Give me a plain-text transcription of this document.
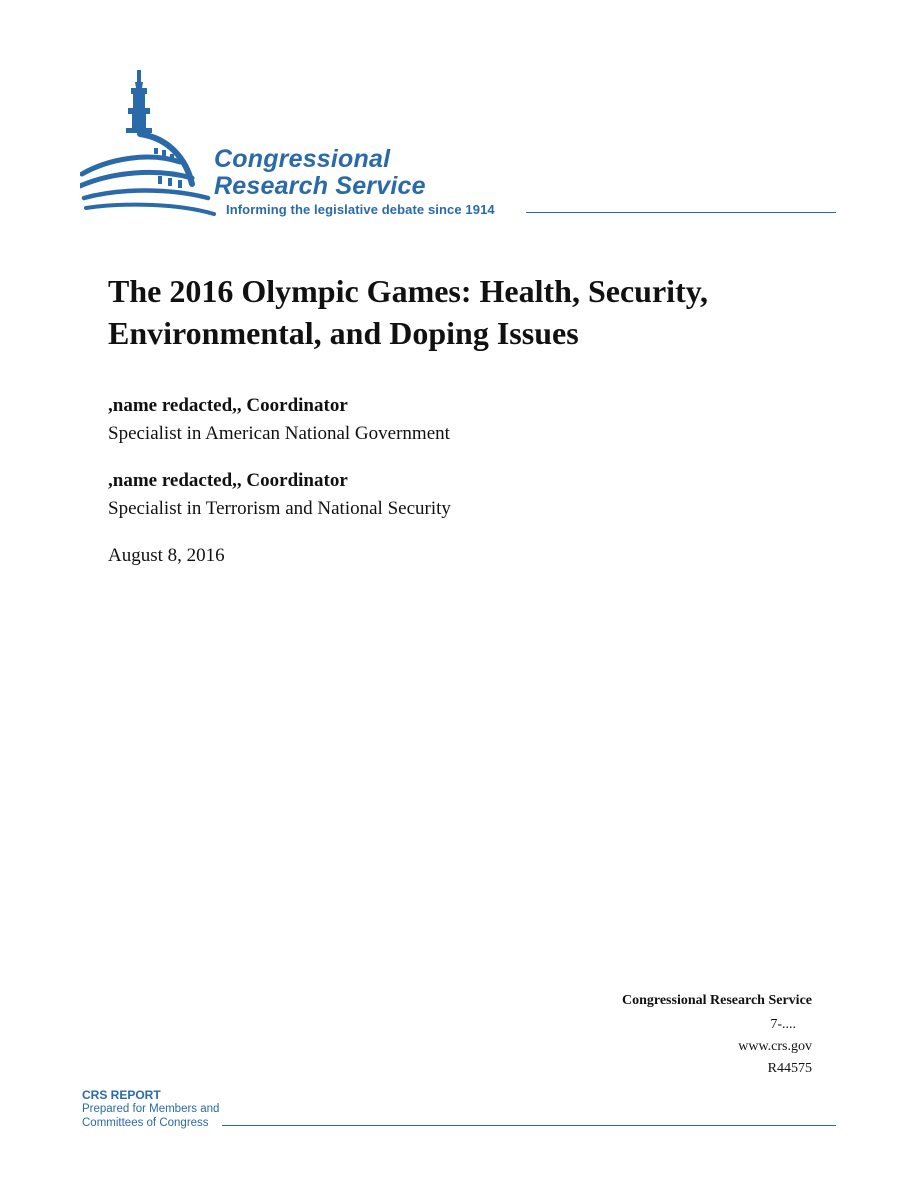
Congressional
Research Service
Informing the legislative debate since 1914
The 2016 Olympic Games: Health, Security, Environmental, and Doping Issues
,name redacted,, Coordinator
Specialist in American National Government
,name redacted,, Coordinator
Specialist in Terrorism and National Security
August 8, 2016
Congressional Research Service
7-....
www.crs.gov
R44575
CRS REPORT
Prepared for Members and
Committees of Congress
